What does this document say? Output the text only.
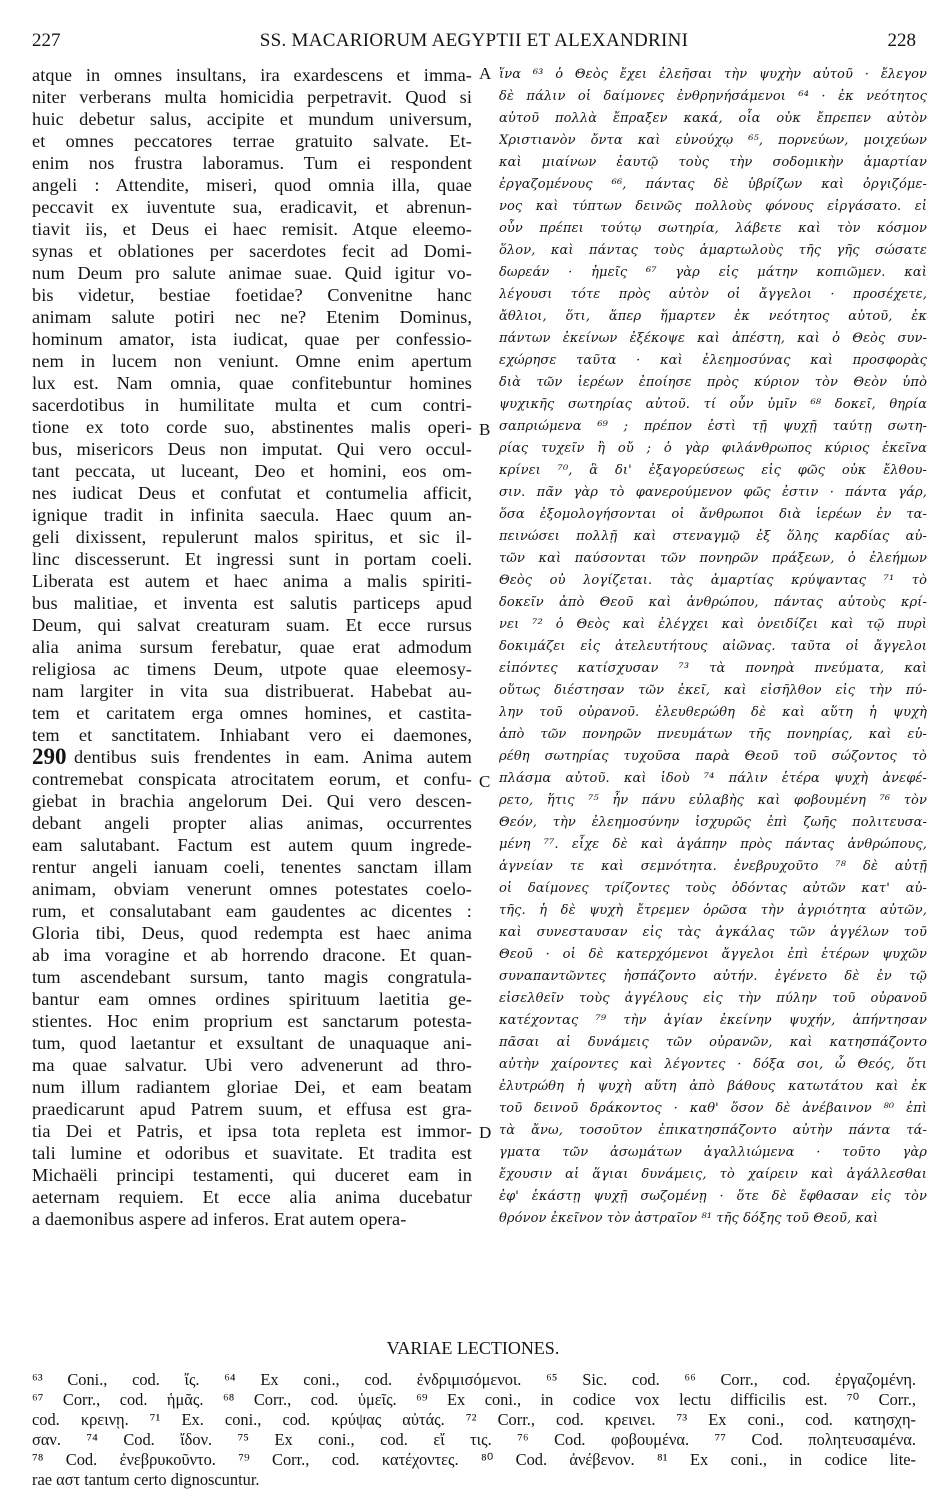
227	SS. MACARIORUM AEGYPTII ET ALEXANDRINI	228
atque in omnes insultans, ira exardescens et imma-
niter verberans multa homicidia perpetravit. Quod si
huic debetur salus, accipite et mundum universum,
et omnes peccatores terrae gratuito salvate. Et-
enim nos frustra laboramus. Tum ei respondent
angeli : Attendite, miseri, quod omnia illa, quae
peccavit ex iuventute sua, eradicavit, et abrenun-
tiavit iis, et Deus ei haec remisit. Atque eleemo-
synas et oblationes per sacerdotes fecit ad Domi-
num Deum pro salute animae suae. Quid igitur vo-
bis videtur, bestiae foetidae? Convenitne hanc
animam salute potiri nec ne? Etenim Dominus,
hominum amator, ista iudicat, quae per confessio-
nem in lucem non veniunt. Omne enim apertum
lux est. Nam omnia, quae confitebuntur homines
sacerdotibus in humilitate multa et cum contri-
tione ex toto corde suo, abstinentes malis operi-
bus, misericors Deus non imputat. Qui vero occul-
tant peccata, ut luceant, Deo et homini, eos om-
nes iudicat Deus et confutat et contumelia afficit,
ignique tradit in infinita saecula. Haec quum an-
geli dixissent, repulerunt malos spiritus, et sic il-
linc discesserunt. Et ingressi sunt in portam coeli.
Liberata est autem et haec anima a malis spiriti-
bus malitiae, et inventa est salutis particeps apud
Deum, qui salvat creaturam suam. Et ecce rursus
alia anima sursum ferebatur, quae erat admodum
religiosa ac timens Deum, utpote quae eleemosy-
nam largiter in vita sua distribuerat. Habebat au-
tem et caritatem erga omnes homines, et castita-
tem et sanctitatem. Inhiabant vero ei daemones,
dentibus suis frendentes in eam. Anima autem
contremebat conspicata atrocitatem eorum, et confu-
giebat in brachia angelorum Dei. Qui vero descen-
debant angeli propter alias animas, occurrentes
eam salutabant. Factum est autem quum ingrede-
rentur angeli ianuam coeli, tenentes sanctam illam
animam, obviam venerunt omnes potestates coelo-
rum, et consalutabant eam gaudentes ac dicentes :
Gloria tibi, Deus, quod redempta est haec anima
ab ima voragine et ab horrendo dracone. Et quan-
tum ascendebant sursum, tanto magis congratula-
bantur eam omnes ordines spirituum laetitia ge-
stientes. Hoc enim proprium est sanctarum potesta-
tum, quod laetantur et exsultant de unaquaque ani-
ma quae salvatur. Ubi vero advenerunt ad thro-
num illum radiantem gloriae Dei, et eam beatam
praedicarunt apud Patrem suum, et effusa est gra-
tia Dei et Patris, et ipsa tota repleta est immor-
tali lumine et odoribus et suavitate. Et tradita est
Michaëli principi testamenti, qui duceret eam in
aeternam requiem. Et ecce alia anima ducebatur
a daemonibus aspere ad inferos. Erat autem opera-
290
ἵνα ⁶³ ὁ Θεὸς ἔχει ἐλεῆσαι τὴν ψυχὴν αὐτοῦ · ἔλεγον
δὲ πάλιν οἱ δαίμονες ἐνθρηνήσάμενοι ⁶⁴ · ἐκ νεότητος
αὐτοῦ πολλὰ ἔπραξεν κακά, οἷα οὐκ ἔπρεπεν αὐτὸν
Χριστιανὸν ὄντα καὶ εὐνούχῳ ⁶⁵, πορνεύων, μοιχεύων
καὶ μιαίνων ἑαυτῷ τοὺς τὴν σοδομικὴν ἁμαρτίαν
ἐργαζομένους ⁶⁶, πάντας δὲ ὑβρίζων καὶ ὀργιζόμε-
νος καὶ τύπτων δεινῶς πολλοὺς φόνους εἰργάσατο. εἰ
οὖν πρέπει τούτῳ σωτηρία, λάβετε καὶ τὸν κόσμον
ὅλον, καὶ πάντας τοὺς ἁμαρτωλοὺς τῆς γῆς σώσατε
δωρεάν · ἡμεῖς ⁶⁷ γὰρ εἰς μάτην κοπιῶμεν. καὶ
λέγουσι τότε πρὸς αὐτὸν οἱ ἄγγελοι · προσέχετε,
ἄθλιοι, ὅτι, ἅπερ ἥμαρτεν ἐκ νεότητος αὐτοῦ, ἐκ
πάντων ἐκείνων ἐξέκοψε καὶ ἀπέστη, καὶ ὁ Θεὸς συν-
εχώρησε ταῦτα · καὶ ἐλεημοσύνας καὶ προσφορὰς
διὰ τῶν ἱερέων ἐποίησε πρὸς κύριον τὸν Θεὸν ὑπὸ
ψυχικῆς σωτηρίας αὐτοῦ. τί οὖν ὑμῖν ⁶⁸ δοκεῖ, θηρία
σαπριώμενα ⁶⁹ ; πρέπον ἐστὶ τῇ ψυχῇ ταύτῃ σωτη-
ρίας τυχεῖν ἢ οὔ ; ὁ γὰρ φιλάνθρωπος κύριος ἐκεῖνα
κρίνει ⁷⁰, ἃ δι' ἐξαγορεύσεως εἰς φῶς οὐκ ἔλθου-
σιν. πᾶν γὰρ τὸ φανερούμενον φῶς ἐστιν · πάντα γάρ,
ὅσα ἐξομολογήσονται οἱ ἄνθρωποι διὰ ἱερέων ἐν τα-
πεινώσει πολλῇ καὶ στεναγμῷ ἐξ ὅλης καρδίας αὐ-
τῶν καὶ παύσονται τῶν πονηρῶν πράξεων, ὁ ἐλεήμων
Θεὸς οὐ λογίζεται. τὰς ἁμαρτίας κρύψαντας ⁷¹ τὸ
δοκεῖν ἀπὸ Θεοῦ καὶ ἀνθρώπου, πάντας αὐτοὺς κρί-
νει ⁷² ὁ Θεὸς καὶ ἐλέγχει καὶ ὀνειδίζει καὶ τῷ πυρὶ
δοκιμάζει εἰς ἀτελευτήτους αἰῶνας. ταῦτα οἱ ἄγγελοι
εἰπόντες κατίσχυσαν ⁷³ τὰ πονηρὰ πνεύματα, καὶ
οὕτως διέστησαν τῶν ἐκεῖ, καὶ εἰσῆλθον εἰς τὴν πύ-
λην τοῦ οὐρανοῦ. ἐλευθερώθη δὲ καὶ αὕτη ἡ ψυχὴ
ἀπὸ τῶν πονηρῶν πνευμάτων τῆς πονηρίας, καὶ εὑ-
ρέθη σωτηρίας τυχοῦσα παρὰ Θεοῦ τοῦ σώζοντος τὸ
πλάσμα αὐτοῦ. καὶ ἰδοὺ ⁷⁴ πάλιν ἑτέρα ψυχὴ ἀνεφέ-
ρετο, ἥτις ⁷⁵ ἦν πάνυ εὐλαβὴς καὶ φοβουμένη ⁷⁶ τὸν
Θεόν, τὴν ἐλεημοσύνην ἰσχυρῶς ἐπὶ ζωῆς πολιτευσα-
μένη ⁷⁷. εἶχε δὲ καὶ ἀγάπην πρὸς πάντας ἀνθρώπους,
ἁγνείαν τε καὶ σεμνότητα. ἐνεβρυχοῦτο ⁷⁸ δὲ αὐτῇ
οἱ δαίμονες τρίζοντες τοὺς ὀδόντας αὐτῶν κατ' αὐ-
τῆς. ἡ δὲ ψυχὴ ἔτρεμεν ὁρῶσα τὴν ἀγριότητα αὐτῶν,
καὶ συνεσταυσαν εἰς τὰς ἀγκάλας τῶν ἀγγέλων τοῦ
Θεοῦ · οἱ δὲ κατερχόμενοι ἄγγελοι ἐπὶ ἑτέρων ψυχῶν
συναπαντῶντες ἠσπάζοντο αὐτήν. ἐγένετο δὲ ἐν τῷ
εἰσελθεῖν τοὺς ἀγγέλους εἰς τὴν πύλην τοῦ οὐρανοῦ
κατέχοντας ⁷⁹ τὴν ἁγίαν ἐκείνην ψυχήν, ἀπήντησαν
πᾶσαι αἱ δυνάμεις τῶν οὐρανῶν, καὶ κατησπάζοντο
αὐτὴν χαίροντες καὶ λέγοντες · δόξα σοι, ὦ Θεός, ὅτι
ἐλυτρώθη ἡ ψυχὴ αὕτη ἀπὸ βάθους κατωτάτου καὶ ἐκ
τοῦ δεινοῦ δράκοντος · καθ' ὅσον δὲ ἀνέβαινον ⁸⁰ ἐπὶ
τὰ ἄνω, τοσοῦτον ἐπικατησπάζοντο αὐτὴν πάντα τά-
γματα τῶν ἀσωμάτων ἀγαλλιώμενα · τοῦτο γὰρ
ἔχουσιν αἱ ἅγιαι δυνάμεις, τὸ χαίρειν καὶ ἀγάλλεσθαι
ἐφ' ἑκάστῃ ψυχῇ σωζομένῃ · ὅτε δὲ ἔφθασαν εἰς τὸν
θρόνον ἐκεῖνον τὸν ἀστραῖον ⁸¹ τῆς δόξης τοῦ Θεοῦ, καὶ
A
B
C
D
VARIAE LECTIONES.
⁶³ Coni., cod. ἴς. ⁶⁴ Ex coni., cod. ἐνδριμισόμενοι. ⁶⁵ Sic. cod. ⁶⁶ Corr., cod. ἐργαζομένη.
⁶⁷ Corr., cod. ἡμᾶς. ⁶⁸ Corr., cod. ὑμεῖς. ⁶⁹ Ex coni., in codice vox lectu difficilis est. ⁷⁰ Corr.,
cod. κρεινῃ. ⁷¹ Ex. coni., cod. κρύψας αὐτάς. ⁷² Corr., cod. κρεινει. ⁷³ Ex coni., cod. κατησχη-
σαν. ⁷⁴ Cod. ἴδον. ⁷⁵ Ex coni., cod. εἴ τις. ⁷⁶ Cod. φοβουμένα. ⁷⁷ Cod. πολητευσαμένα.
⁷⁸ Cod. ἐνεβρυκοῦντο. ⁷⁹ Corr., cod. κατέχοντες. ⁸⁰ Cod. ἀνέβενον. ⁸¹ Ex coni., in codice lite-
rae αστ tantum certo dignoscuntur.
